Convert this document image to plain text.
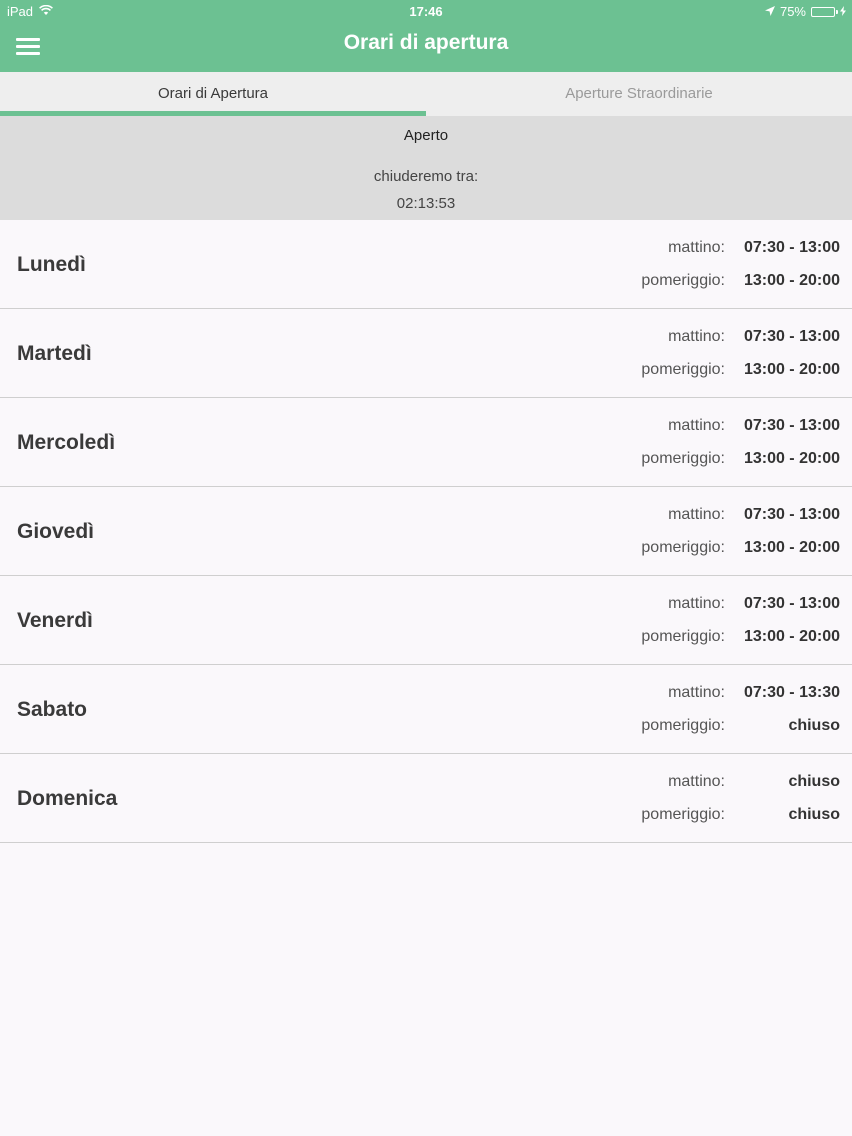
iPad	17:46	75%
Orari di apertura
Orari di Apertura	Aperture Straordinarie
Aperto
chiuderemo tra:
02:13:53
Lunedì
mattino:	07:30 - 13:00
pomeriggio:	13:00 - 20:00
Martedì
mattino:	07:30 - 13:00
pomeriggio:	13:00 - 20:00
Mercoledì
mattino:	07:30 - 13:00
pomeriggio:	13:00 - 20:00
Giovedì
mattino:	07:30 - 13:00
pomeriggio:	13:00 - 20:00
Venerdì
mattino:	07:30 - 13:00
pomeriggio:	13:00 - 20:00
Sabato
mattino:	07:30 - 13:30
pomeriggio:	chiuso
Domenica
mattino:	chiuso
pomeriggio:	chiuso
